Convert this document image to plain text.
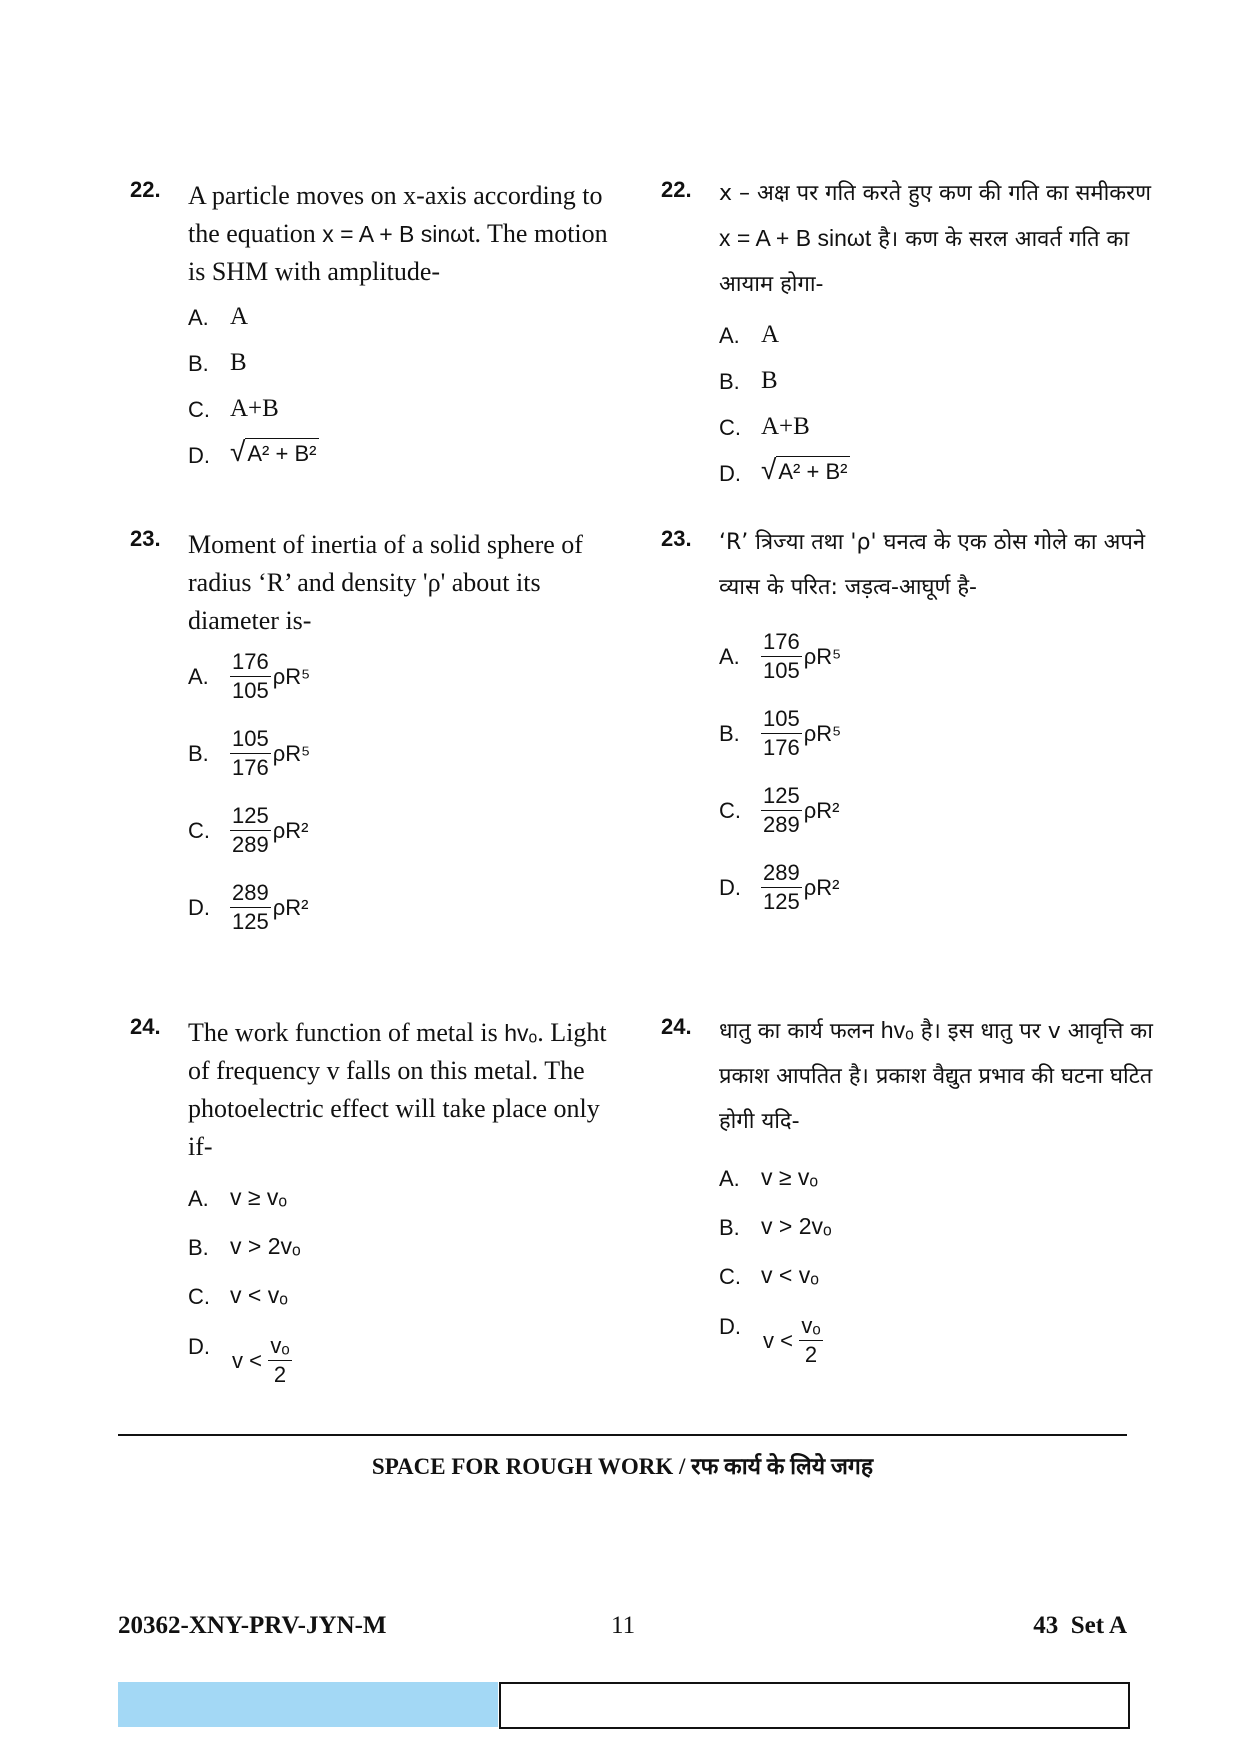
22. A particle moves on x-axis according to the equation x = A + B sinωt. The motion is SHM with amplitude-
A. A
B. B
C. A+B
D. √ A² + B²
23. Moment of inertia of a solid sphere of radius ‘R’ and density 'ρ' about its diameter is-
A. $\frac{176}{105} \rho R^5$
B. $\frac{105}{176} \rho R^5$
C. $\frac{125}{289} \rho R^2$
D. $\frac{289}{125} \rho R^2$
24. The work function of metal is hvₒ. Light of frequency v falls on this metal. The photoelectric effect will take place only if-
A. v ≥ vₒ
B. v > 2vₒ
C. v < vₒ
D.
$v < \frac{\text{vₒ}}{2}$
22. x – अक्ष पर गति करते हुए कण की गति का समीकरण x = A + B sinωt है। कण के सरल आवर्त गति का आयाम होगा-
A. A
B. B
C. A+B
D. √ A² + B²
23. ‘R’ त्रिज्या तथा 'ρ' घनत्व के एक ठोस गोले का अपने व्यास के परित: जड़त्व-आघूर्ण है-
A. $\frac{176}{105} \rho R^5$
B. $\frac{105}{176} \rho R^5$
C. $\frac{125}{289} \rho R^2$
D. $\frac{289}{125} \rho R^2$
24. धातु का कार्य फलन hvₒ है। इस धातु पर v आवृत्ति का प्रकाश आपतित है। प्रकाश वैद्युत प्रभाव की घटना घटित होगी यदि-
A. v ≥ vₒ
B. v > 2vₒ
C. v < vₒ
D.
$v < \frac{\text{vₒ}}{2}$
SPACE FOR ROUGH WORK / रफ कार्य के लिये जगह
20362-XNY-PRV-JYN-M	11	43  Set A
